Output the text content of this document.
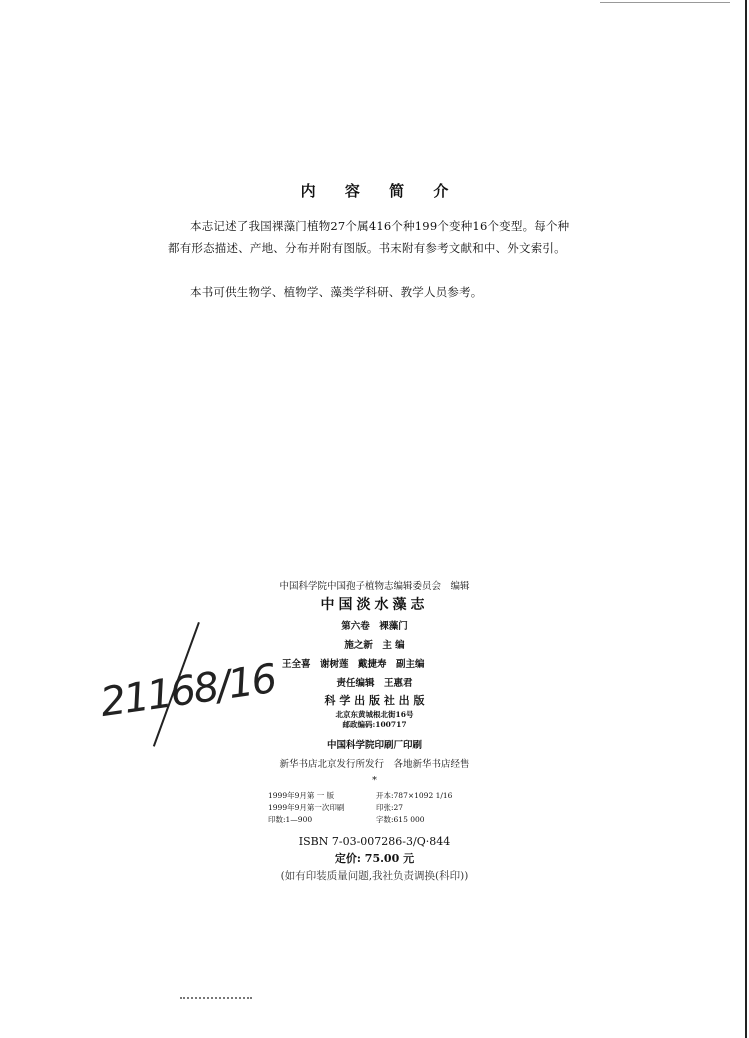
内 容 简 介
本志记述了我国裸藻门植物27个属416个种199个变种16个变型。每个种都有形态描述、产地、分布并附有图版。书末附有参考文献和中、外文索引。
本书可供生物学、植物学、藻类学科研、教学人员参考。
中国科学院中国孢子植物志编辑委员会　编辑
中国淡水藻志
第六卷　裸藻门
施之新　主 编
王全喜　谢树莲　戴捷寿　副主编
责任编辑　王惠君
科 学 出 版 社 出 版
北京东黄城根北街16号
邮政编码:100717
中国科学院印刷厂印刷
新华书店北京发行所发行　各地新华书店经售
*
1999年9月第 一 版
1999年9月第一次印刷
印数:1—900
开本:787×1092 1/16
印张:27
字数:615 000
ISBN 7-03-007286-3/Q·844
定价: 75.00 元
(如有印装质量问题,我社负责调换(科印))
21168/16
